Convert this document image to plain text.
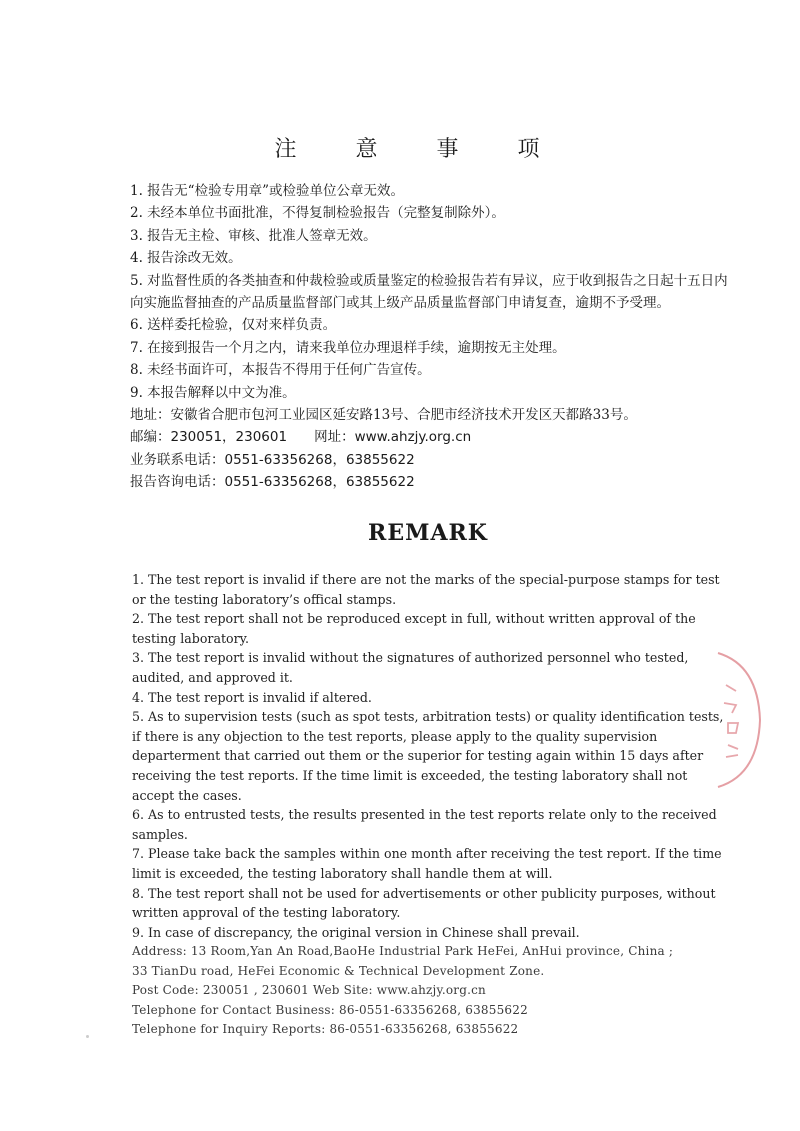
注 意 事 项
1. 报告无“检验专用章”或检验单位公章无效。
2. 未经本单位书面批准，不得复制检验报告（完整复制除外）。
3. 报告无主检、审核、批准人签章无效。
4. 报告涂改无效。
5. 对监督性质的各类抽查和仲裁检验或质量鉴定的检验报告若有异议，应于收到报告之日起十五日内向实施监督抽查的产品质量监督部门或其上级产品质量监督部门申请复查，逾期不予受理。
6. 送样委托检验，仅对来样负责。
7. 在接到报告一个月之内，请来我单位办理退样手续，逾期按无主处理。
8. 未经书面许可，本报告不得用于任何广告宣传。
9. 本报告解释以中文为准。
地址：安徽省合肥市包河工业园区延安路13号、合肥市经济技术开发区天都路33号。
邮编：230051，230601　　网址：www.ahzjy.org.cn
业务联系电话：0551-63356268，63855622
报告咨询电话：0551-63356268，63855622
REMARK
1. The test report is invalid if there are not the marks of the special-purpose stamps for test or the testing laboratory’s offical stamps.
2. The test report shall not be reproduced except in full, without written approval of the testing laboratory.
3. The test report is invalid without the signatures of authorized personnel who tested, audited, and approved it.
4. The test report is invalid if altered.
5. As to supervision tests (such as spot tests, arbitration tests) or quality identification tests, if there is any objection to the test reports, please apply to the quality supervision departerment that carried out them or the superior for testing again within 15 days after receiving the test reports. If the time limit is exceeded, the testing laboratory shall not accept the cases.
6. As to entrusted tests, the results presented in the test reports relate only to the received samples.
7. Please take back the samples within one month after receiving the test report. If the time limit is exceeded, the testing laboratory shall handle them at will.
8. The test report shall not be used for advertisements or other publicity purposes, without written approval of the testing laboratory.
9. In case of discrepancy, the original version in Chinese shall prevail.
Address: 13 Room,Yan An Road,BaoHe Industrial Park HeFei, AnHui province, China ;
33 TianDu road, HeFei Economic & Technical Development Zone.
Post Code: 230051 , 230601 Web Site: www.ahzjy.org.cn
Telephone for Contact Business: 86-0551-63356268, 63855622
Telephone for Inquiry Reports: 86-0551-63356268, 63855622
